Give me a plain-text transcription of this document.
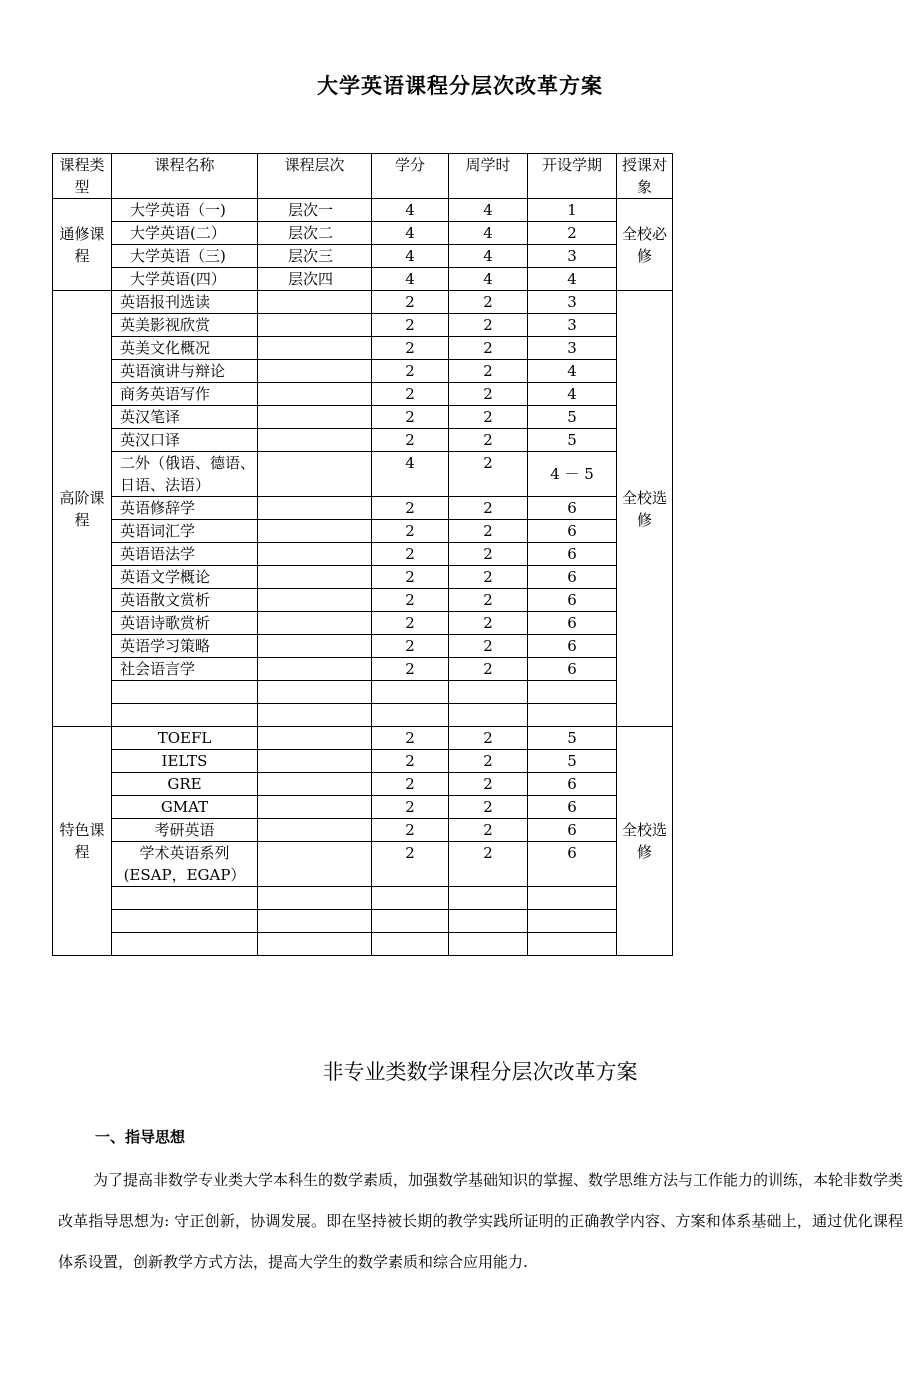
大学英语课程分层次改革方案
课程类型	课程名称	课程层次	学分	周学时	开设学期	授课对象
通修课程	大学英语（一)	层次一	4	4	1	全校必修
	大学英语(二）	层次二	4	4	2	
	大学英语（三)	层次三	4	4	3	
	大学英语(四）	层次四	4	4	4	
高阶课程	英语报刊选读		2	2	3	全校选修
	英美影视欣赏		2	2	3	
	英美文化概况		2	2	3	
	英语演讲与辩论		2	2	4	
	商务英语写作		2	2	4	
	英汉笔译		2	2	5	
	英汉口译		2	2	5	
	二外（俄语、德语、日语、法语）		4	2	4 － 5	
	英语修辞学		2	2	6	
	英语词汇学		2	2	6	
	英语语法学		2	2	6	
	英语文学概论		2	2	6	
	英语散文赏析		2	2	6	
	英语诗歌赏析		2	2	6	
	英语学习策略		2	2	6	
	社会语言学		2	2	6	

特色课程	TOEFL		2	2	5	全校选修
	IELTS		2	2	5	
	GRE		2	2	6	
	GMAT		2	2	6	
	考研英语		2	2	6	
	学术英语系列(ESAP，EGAP）		2	2	6	

非专业类数学课程分层次改革方案
一、指导思想
为了提高非数学专业类大学本科生的数学素质，加强数学基础知识的掌握、数学思维方法与工作能力的训练，本轮非数学类改革指导思想为: 守正创新，协调发展。即在坚持被长期的教学实践所证明的正确教学内容、方案和体系基础上，通过优化课程体系设置，创新教学方式方法，提高大学生的数学素质和综合应用能力.
